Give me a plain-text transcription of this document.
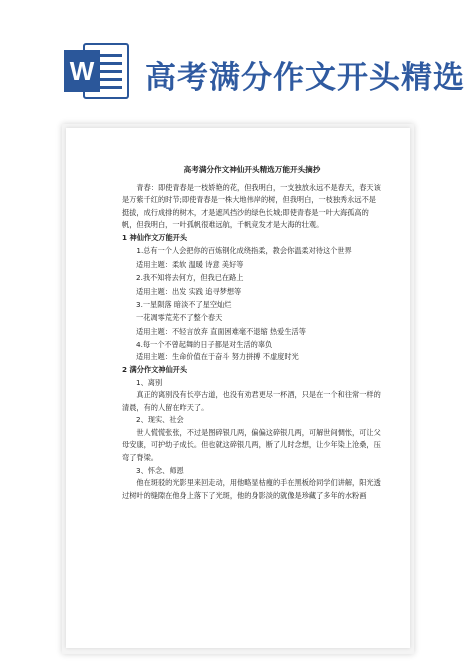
W 高考满分作文开头精选
高考满分作文神仙开头精选万能开头摘抄

青春：即使青春是一枝娇艳的花，但我明白，一支独放永远不是春天，春天该是万紫千红的时节;即使青春是一株大地伟岸的树，但我明白，一枝独秀永远不是挺拔，成行成排的树木，才是遮风挡沙的绿色长城;即使青春是一叶大海孤高的帆，但我明白，一叶孤帆很难远航，千帆竞发才是大海的壮观。

1 神仙作文万能开头

1.总有一个人会把你的百炼钢化成绕指柔，教会你温柔对待这个世界

适用主题：柔软 温暖 诗意 美好等

2.我不知将去何方，但我已在路上

适用主题：出发 实践 追寻梦想等

3.一星陨落 暗淡不了星空灿烂

一花凋零荒芜不了整个春天

适用主题：不轻言放弃 直面困难毫不退缩 热爱生活等

4.每一个不曾起舞的日子都是对生活的辜负

适用主题：生命价值在于奋斗 努力拼搏 不虚度时光

2 满分作文神仙开头

1、离别

真正的离别没有长亭古道，也没有劝君更尽一杯酒，只是在一个和往常一样的清晨，有的人留在昨天了。

2、现实、社会

世人慌慌张张，不过是图碎银几两，偏偏这碎银几两，可解世间惆怅，可让父母安康，可护幼子成长。但也就这碎银几两，断了儿时念想，让少年染上沧桑，压弯了脊梁。

3、怀念、师恩

他在斑驳的光影里来回走动，用他略显枯瘦的手在黑板给同学们讲解，阳光透过树叶的缝隙在他身上落下了光斑，他的身影淡的就像是珍藏了多年的水粉画
